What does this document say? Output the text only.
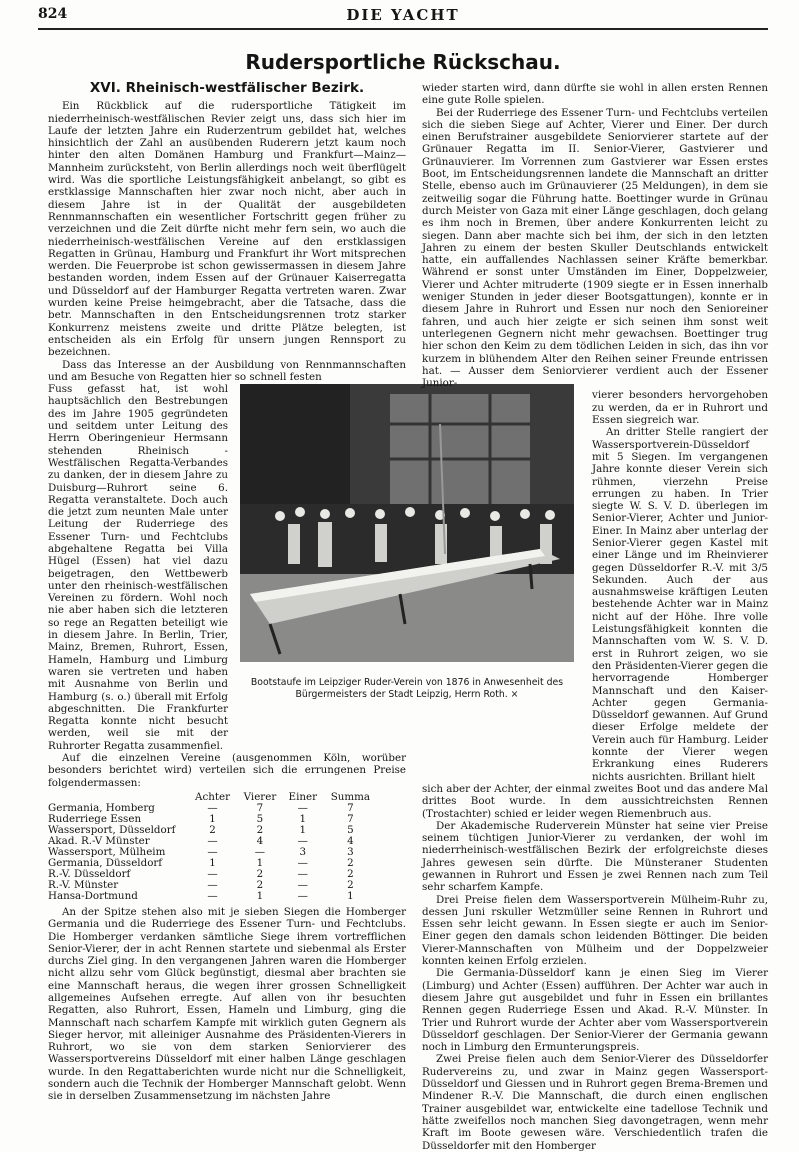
824	DIE YACHT
Rudersportliche Rückschau.
XVI. Rheinisch-westfälischer Bezirk.

Ein Rückblick auf die rudersportliche Tätigkeit im niederrheinisch-westfälischen Revier zeigt uns, dass sich hier im Laufe der letzten Jahre ein Ruderzentrum gebildet hat, welches hinsichtlich der Zahl an ausübenden Ruderern jetzt kaum noch hinter den alten Domänen Hamburg und Frankfurt—Mainz—Mannheim zurücksteht, von Berlin allerdings noch weit überflügelt wird. Was die sportliche Leistungsfähigkeit anbelangt, so gibt es erstklassige Mannschaften hier zwar noch nicht, aber auch in diesem Jahre ist in der Qualität der ausgebildeten Rennmannschaften ein wesentlicher Fortschritt gegen früher zu verzeichnen und die Zeit dürfte nicht mehr fern sein, wo auch die niederrheinisch-westfälischen Vereine auf den erstklassigen Regatten in Grünau, Hamburg und Frankfurt ihr Wort mitsprechen werden. Die Feuerprobe ist schon gewissermassen in diesem Jahre bestanden worden, indem Essen auf der Grünauer Kaiserregatta und Düsseldorf auf der Hamburger Regatta vertreten waren. Zwar wurden keine Preise heimgebracht, aber die Tatsache, dass die betr. Mannschaften in den Entscheidungsrennen trotz starker Konkurrenz meistens zweite und dritte Plätze belegten, ist entscheiden als ein Erfolg für unsern jungen Rennsport zu bezeichnen.

Dass das Interesse an der Ausbildung von Rennmannschaften und am Besuche von Regatten hier so schnell festen

Fuss gefasst hat, ist wohl hauptsächlich den Bestrebungen des im Jahre 1905 gegründeten und seitdem unter Leitung des Herrn Oberingenieur Hermsann stehenden Rheinisch - Westfälischen Regatta-Verbandes zu danken, der in diesem Jahre zu Duisburg—Ruhrort seine 6. Regatta veranstaltete. Doch auch die jetzt zum neunten Male unter Leitung der Ruderriege des Essener Turn- und Fechtclubs abgehaltene Regatta bei Villa Hügel (Essen) hat viel dazu beigetragen, den Wettbewerb unter den rheinisch-westfälischen Vereinen zu fördern. Wohl noch nie aber haben sich die letzteren so rege an Regatten beteiligt wie in diesem Jahre. In Berlin, Trier, Mainz, Bremen, Ruhrort, Essen, Hameln, Hamburg und Limburg waren sie vertreten und haben mit Ausnahme von Berlin und Hamburg (s. o.) überall mit Erfolg abgeschnitten. Die Frankfurter Regatta konnte nicht besucht werden, weil sie mit der Ruhrorter Regatta zusammenfiel.

Auf die einzelnen Vereine (ausgenommen Köln, worüber besonders berichtet wird) verteilen sich die errungenen Preise folgendermassen:

	Achter	Vierer	Einer	Summa
Germania, Homberg	—	7	—	7
Ruderriege Essen	1	5	1	7
Wassersport, Düsseldorf	2	2	1	5
Akad. R.-V Münster	—	4	—	4
Wassersport, Mülheim	—	—	3	3
Germania, Düsseldorf	1	1	—	2
R.-V. Düsseldorf	—	2	—	2
R.-V. Münster	—	2	—	2
Hansa-Dortmund	—	1	—	1

An der Spitze stehen also mit je sieben Siegen die Homberger Germania und die Ruderriege des Essener Turn- und Fechtclubs. Die Homberger verdanken sämtliche Siege ihrem vortrefflichen Senior-Vierer, der in acht Rennen startete und siebenmal als Erster durchs Ziel ging. In den vergangenen Jahren waren die Homberger nicht allzu sehr vom Glück begünstigt, diesmal aber brachten sie eine Mannschaft heraus, die wegen ihrer grossen Schnelligkeit allgemeines Aufsehen erregte. Auf allen von ihr besuchten Regatten, also Ruhrort, Essen, Hameln und Limburg, ging die Mannschaft nach scharfem Kampfe mit wirklich guten Gegnern als Sieger hervor, mit alleiniger Ausnahme des Präsidenten-Vierers in Ruhrort, wo sie von dem starken Seniorvierer des Wassersportvereins Düsseldorf mit einer halben Länge geschlagen wurde. In den Regattaberichten wurde nicht nur die Schnelligkeit, sondern auch die Technik der Homberger Mannschaft gelobt. Wenn sie in derselben Zusammensetzung im nächsten Jahre

Bootstaufe im Leipziger Ruder-Verein von 1876 in Anwesenheit des Bürgermeisters der Stadt Leipzig, Herrn Roth. ×

wieder starten wird, dann dürfte sie wohl in allen ersten Rennen eine gute Rolle spielen.

Bei der Ruderriege des Essener Turn- und Fechtclubs verteilen sich die sieben Siege auf Achter, Vierer und Einer. Der durch einen Berufstrainer ausgebildete Seniorvierer startete auf der Grünauer Regatta im II. Senior-Vierer, Gastvierer und Grünauvierer. Im Vorrennen zum Gastvierer war Essen erstes Boot, im Entscheidungsrennen landete die Mannschaft an dritter Stelle, ebenso auch im Grünauvierer (25 Meldungen), in dem sie zeitweilig sogar die Führung hatte. Boettinger wurde in Grünau durch Meister von Gaza mit einer Länge geschlagen, doch gelang es ihm noch in Bremen, über andere Konkurrenten leicht zu siegen. Dann aber machte sich bei ihm, der sich in den letzten Jahren zu einem der besten Skuller Deutschlands entwickelt hatte, ein auffallendes Nachlassen seiner Kräfte bemerkbar. Während er sonst unter Umständen im Einer, Doppelzweier, Vierer und Achter mitruderte (1909 siegte er in Essen innerhalb weniger Stunden in jeder dieser Bootsgattungen), konnte er in diesem Jahre in Ruhrort und Essen nur noch den Senioreiner fahren, und auch hier zeigte er sich seinen ihm sonst weit unterlegenen Gegnern nicht mehr gewachsen. Boettinger trug hier schon den Keim zu dem tödlichen Leiden in sich, das ihn vor kurzem in blühendem Alter den Reihen seiner Freunde entrissen hat. — Ausser dem Seniorvierer verdient auch der Essener Junior-

vierer besonders hervorgehoben zu werden, da er in Ruhrort und Essen siegreich war.

An dritter Stelle rangiert der Wassersportverein-Düsseldorf mit 5 Siegen. Im vergangenen Jahre konnte dieser Verein sich rühmen, vierzehn Preise errungen zu haben. In Trier siegte W. S. V. D. überlegen im Senior-Vierer, Achter und Junior-Einer. In Mainz aber unterlag der Senior-Vierer gegen Kastel mit einer Länge und im Rheinvierer gegen Düsseldorfer R.-V. mit 3/5 Sekunden. Auch der aus ausnahmsweise kräftigen Leuten bestehende Achter war in Mainz nicht auf der Höhe. Ihre volle Leistungsfähigkeit konnten die Mannschaften vom W. S. V. D. erst in Ruhrort zeigen, wo sie den Präsidenten-Vierer gegen die hervorragende Homberger Mannschaft und den Kaiser-Achter gegen Germania-Düsseldorf gewannen. Auf Grund dieser Erfolge meldete der Verein auch für Hamburg. Leider konnte der Vierer wegen Erkrankung eines Ruderers nichts ausrichten. Brillant hielt

sich aber der Achter, der einmal zweites Boot und das andere Mal drittes Boot wurde. In dem aussichtreichsten Rennen (Trostachter) schied er leider wegen Riemenbruch aus.

Der Akademische Ruderverein Münster hat seine vier Preise seinem tüchtigen Junior-Vierer zu verdanken, der wohl im niederrheinisch-westfälischen Bezirk der erfolgreichste dieses Jahres gewesen sein dürfte. Die Münsteraner Studenten gewannen in Ruhrort und Essen je zwei Rennen nach zum Teil sehr scharfem Kampfe.

Drei Preise fielen dem Wassersportverein Mülheim-Ruhr zu, dessen Juni rskuller Wetzmüller seine Rennen in Ruhrort und Essen sehr leicht gewann. In Essen siegte er auch im Senior-Einer gegen den damals schon leidenden Böttinger. Die beiden Vierer-Mannschaften von Mülheim und der Doppelzweier konnten keinen Erfolg erzielen.

Die Germania-Düsseldorf kann je einen Sieg im Vierer (Limburg) und Achter (Essen) aufführen. Der Achter war auch in diesem Jahre gut ausgebildet und fuhr in Essen ein brillantes Rennen gegen Ruderriege Essen und Akad. R.-V. Münster. In Trier und Ruhrort wurde der Achter aber vom Wassersportverein Düsseldorf geschlagen. Der Senior-Vierer der Germania gewann noch in Limburg den Ermunterungspreis.

Zwei Preise fielen auch dem Senior-Vierer des Düsseldorfer Rudervereins zu, und zwar in Mainz gegen Wassersport-Düsseldorf und Giessen und in Ruhrort gegen Brema-Bremen und Mindener R.-V. Die Mannschaft, die durch einen englischen Trainer ausgebildet war, entwickelte eine tadellose Technik und hätte zweifellos noch manchen Sieg davongetragen, wenn mehr Kraft im Boote gewesen wäre. Verschiedentlich trafen die Düsseldorfer mit den Homberger
